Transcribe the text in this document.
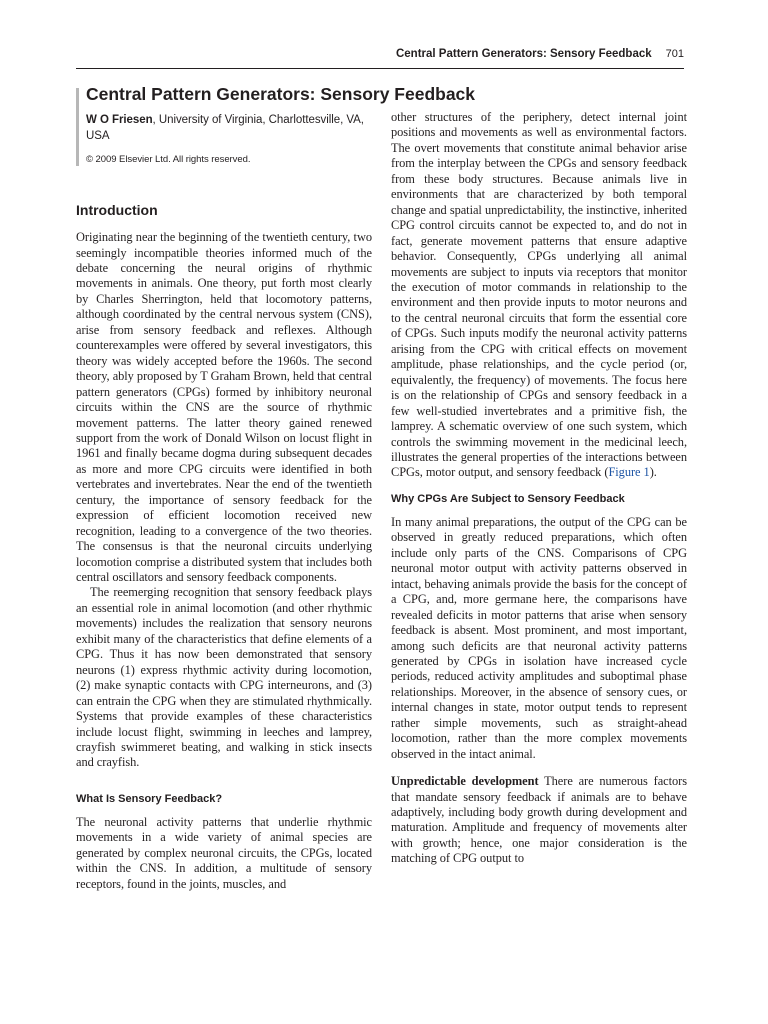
Central Pattern Generators: Sensory Feedback 701
Central Pattern Generators: Sensory Feedback

W O Friesen, University of Virginia, Charlottesville, VA, USA

© 2009 Elsevier Ltd. All rights reserved.

Introduction

Originating near the beginning of the twentieth century, two seemingly incompatible theories informed much of the debate concerning the neural origins of rhythmic movements in animals. One theory, put forth most clearly by Charles Sherrington, held that locomotory patterns, although coordinated by the central nervous system (CNS), arise from sensory feedback and reflexes. Although counterexamples were offered by several investigators, this theory was widely accepted before the 1960s. The second theory, ably proposed by T Graham Brown, held that central pattern generators (CPGs) formed by inhibitory neuronal circuits within the CNS are the source of rhythmic movement patterns. The latter theory gained renewed support from the work of Donald Wilson on locust flight in 1961 and finally became dogma during subsequent decades as more and more CPG circuits were identified in both vertebrates and invertebrates. Near the end of the twentieth century, the importance of sensory feedback for the expression of efficient locomotion received new recognition, leading to a convergence of the two theories. The consensus is that the neuronal circuits underlying locomotion comprise a distributed system that includes both central oscillators and sensory feedback components.

The reemerging recognition that sensory feedback plays an essential role in animal locomotion (and other rhythmic movements) includes the realization that sensory neurons exhibit many of the characteristics that define elements of a CPG. Thus it has now been demonstrated that sensory neurons (1) express rhythmic activity during locomotion, (2) make synaptic contacts with CPG interneurons, and (3) can entrain the CPG when they are stimulated rhythmically. Systems that provide examples of these characteristics include locust flight, swimming in leeches and lamprey, crayfish swimmeret beating, and walking in stick insects and crayfish.

What Is Sensory Feedback?

The neuronal activity patterns that underlie rhythmic movements in a wide variety of animal species are generated by complex neuronal circuits, the CPGs, located within the CNS. In addition, a multitude of sensory receptors, found in the joints, muscles, and

other structures of the periphery, detect internal joint positions and movements as well as environmental factors. The overt movements that constitute animal behavior arise from the interplay between the CPGs and sensory feedback from these body structures. Because animals live in environments that are characterized by both temporal change and spatial unpredictability, the instinctive, inherited CPG control circuits cannot be expected to, and do not in fact, generate movement patterns that ensure adaptive behavior. Consequently, CPGs underlying all animal movements are subject to inputs via receptors that monitor the execution of motor commands in relationship to the environment and then provide inputs to motor neurons and to the central neuronal circuits that form the essential core of CPGs. Such inputs modify the neuronal activity patterns arising from the CPG with critical effects on movement amplitude, phase relationships, and the cycle period (or, equivalently, the frequency) of movements. The focus here is on the relationship of CPGs and sensory feedback in a few well-studied invertebrates and a primitive fish, the lamprey. A schematic overview of one such system, which controls the swimming movement in the medicinal leech, illustrates the general properties of the interactions between CPGs, motor output, and sensory feedback (Figure 1).

Why CPGs Are Subject to Sensory Feedback

In many animal preparations, the output of the CPG can be observed in greatly reduced preparations, which often include only parts of the CNS. Comparisons of CPG neuronal motor output with activity patterns observed in intact, behaving animals provide the basis for the concept of a CPG, and, more germane here, the comparisons have revealed deficits in motor patterns that arise when sensory feedback is absent. Most prominent, and most important, among such deficits are that neuronal activity patterns generated by CPGs in isolation have increased cycle periods, reduced activity amplitudes and suboptimal phase relationships. Moreover, in the absence of sensory cues, or internal changes in state, motor output tends to represent rather simple movements, such as straight-ahead locomotion, rather than the more complex movements observed in the intact animal.

Unpredictable development There are numerous factors that mandate sensory feedback if animals are to behave adaptively, including body growth during development and maturation. Amplitude and frequency of movements alter with growth; hence, one major consideration is the matching of CPG output to
